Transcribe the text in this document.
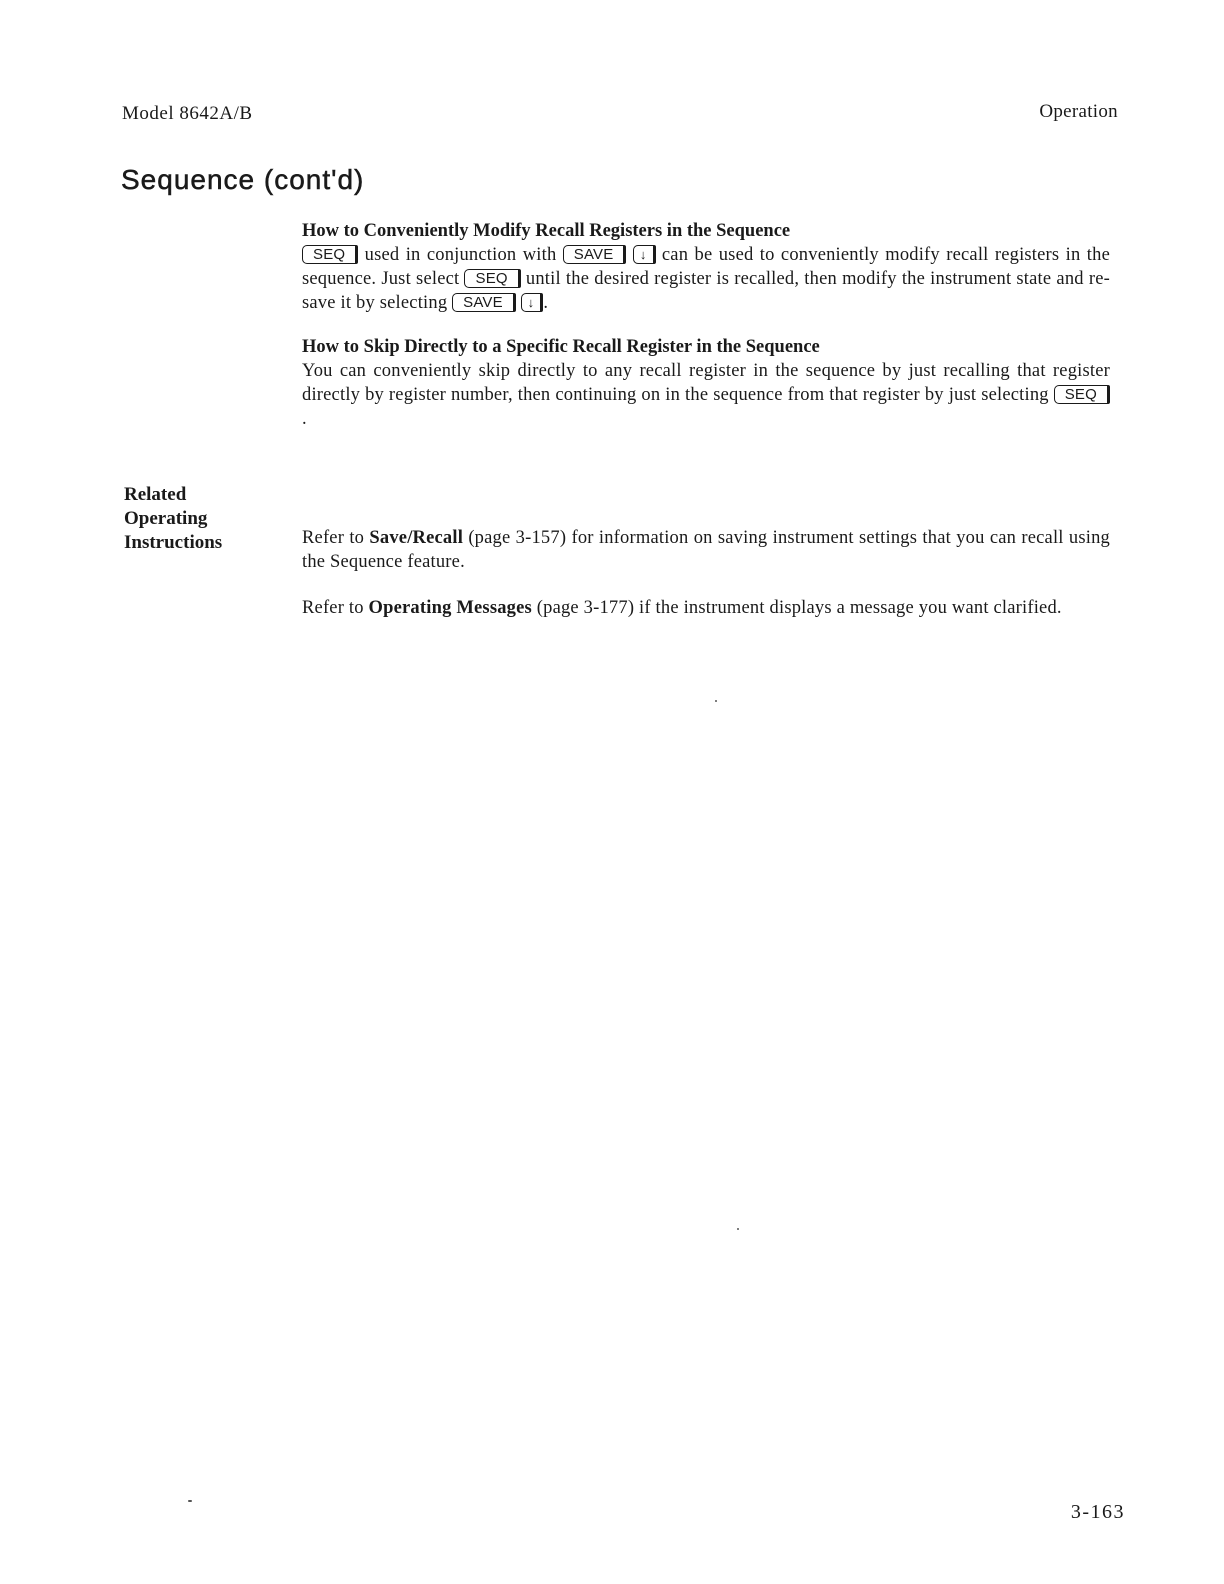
Model 8642A/B	Operation
Sequence (cont'd)
How to Conveniently Modify Recall Registers in the Sequence
SEQ used in conjunction with SAVE ↓ can be used to conveniently modify recall registers in the sequence. Just select SEQ until the desired register is recalled, then modify the instrument state and re-save it by selecting SAVE ↓ .
How to Skip Directly to a Specific Recall Register in the Sequence
You can conveniently skip directly to any recall register in the sequence by just recalling that register directly by register number, then continuing on in the sequence from that register by just selecting SEQ.
Related
Operating
Instructions	Refer to Save/Recall (page 3-157) for information on saving instrument settings that you can recall using the Sequence feature.
Refer to Operating Messages (page 3-177) if the instrument displays a message you want clarified.
3-163
